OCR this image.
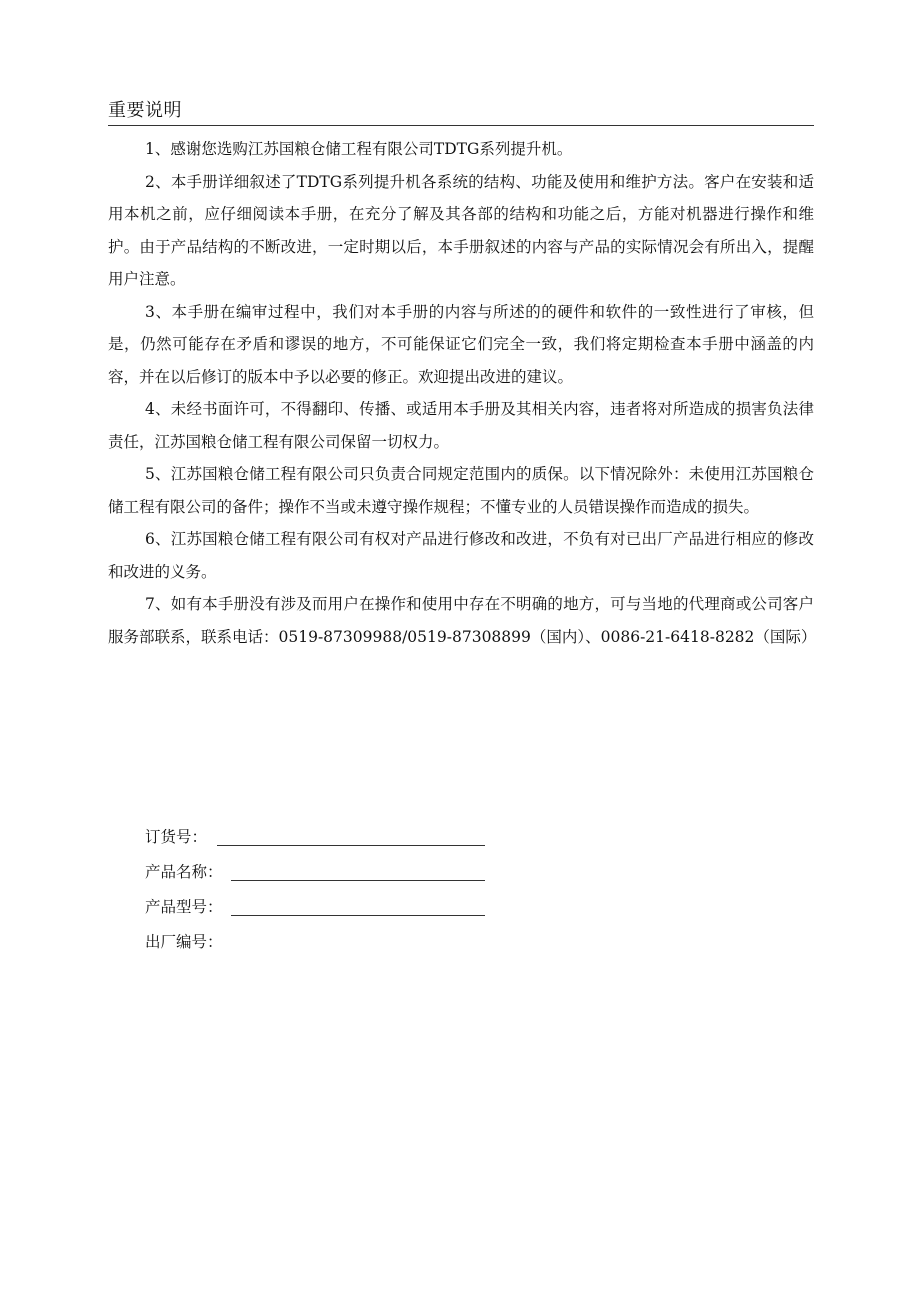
重要说明

1、感谢您选购江苏国粮仓储工程有限公司TDTG系列提升机。

2、本手册详细叙述了TDTG系列提升机各系统的结构、功能及使用和维护方法。客户在安装和适用本机之前，应仔细阅读本手册，在充分了解及其各部的结构和功能之后，方能对机器进行操作和维护。由于产品结构的不断改进，一定时期以后，本手册叙述的内容与产品的实际情况会有所出入，提醒用户注意。

3、本手册在编审过程中，我们对本手册的内容与所述的的硬件和软件的一致性进行了审核，但是，仍然可能存在矛盾和谬误的地方，不可能保证它们完全一致，我们将定期检查本手册中涵盖的内容，并在以后修订的版本中予以必要的修正。欢迎提出改进的建议。

4、未经书面许可，不得翻印、传播、或适用本手册及其相关内容，违者将对所造成的损害负法律责任，江苏国粮仓储工程有限公司保留一切权力。

5、江苏国粮仓储工程有限公司只负责合同规定范围内的质保。以下情况除外：未使用江苏国粮仓储工程有限公司的备件；操作不当或未遵守操作规程；不懂专业的人员错误操作而造成的损失。

6、江苏国粮仓储工程有限公司有权对产品进行修改和改进，不负有对已出厂产品进行相应的修改和改进的义务。

7、如有本手册没有涉及而用户在操作和使用中存在不明确的地方，可与当地的代理商或公司客户服务部联系，联系电话：0519-87309988/0519-87308899（国内）、0086-21-6418-8282（国际）

订货号：
产品名称：
产品型号：
出厂编号：
